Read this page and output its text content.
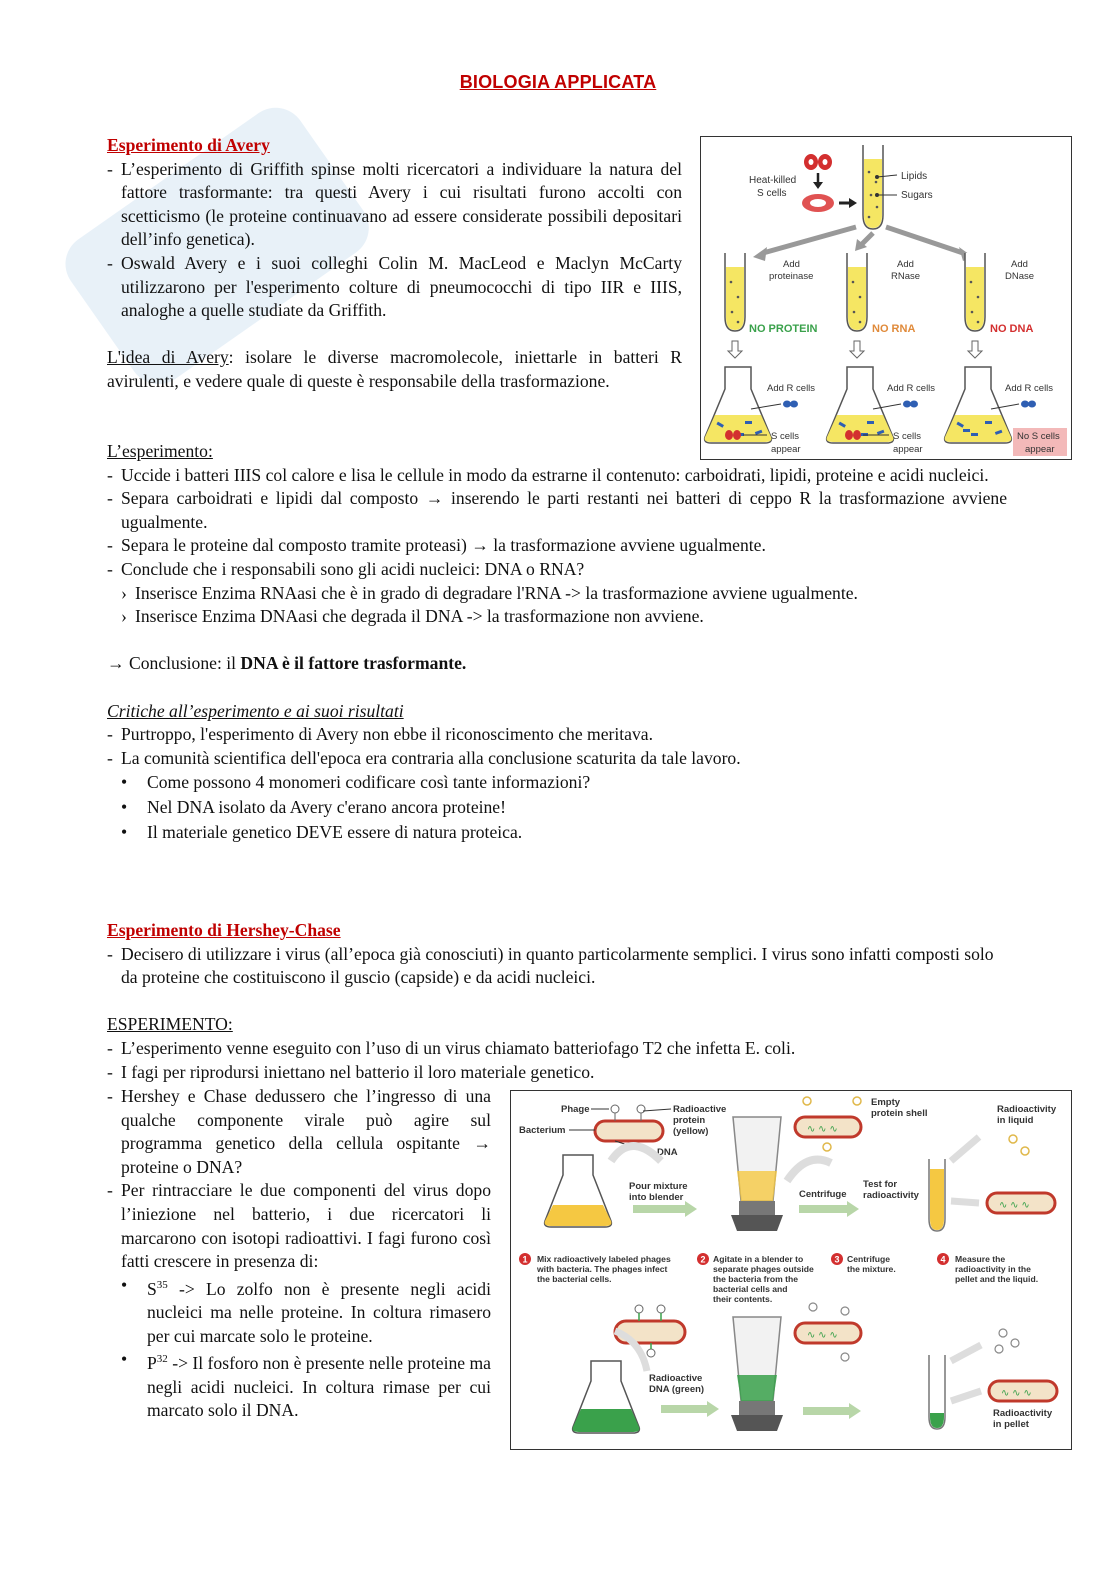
BIOLOGIA APPLICATA
Esperimento di Avery
- L’esperimento di Griffith spinse molti ricercatori a individuare la natura del fattore trasformante: tra questi Avery i cui risultati furono accolti con scetticismo (le proteine continuavano ad essere considerate possibili depositari dell’info genetica).
- Oswald Avery e i suoi colleghi Colin M. MacLeod e Maclyn McCarty utilizzarono per l'esperimento colture di pneumococchi di tipo IIR e IIIS, analoghe a quelle studiate da Griffith.
L'idea di Avery: isolare le diverse macromolecole, iniettarle in batteri R avirulenti, e vedere quale di queste è responsabile della trasformazione.
L’esperimento:
- Uccide i batteri IIIS col calore e lisa le cellule in modo da estrarne il contenuto: carboidrati, lipidi, proteine e acidi nucleici.
- Separa carboidrati e lipidi dal composto → inserendo le parti restanti nei batteri di ceppo R la trasformazione avviene ugualmente.
- Separa le proteine dal composto tramite proteasi) → la trasformazione avviene ugualmente.
- Conclude che i responsabili sono gli acidi nucleici: DNA o RNA?
› Inserisce Enzima RNAasi che è in grado di degradare l'RNA -> la trasformazione avviene ugualmente.
› Inserisce Enzima DNAasi che degrada il DNA -> la trasformazione non avviene.
→ Conclusione: il DNA è il fattore trasformante.
Critiche all’esperimento e ai suoi risultati
- Purtroppo, l'esperimento di Avery non ebbe il riconoscimento che meritava.
- La comunità scientifica dell'epoca era contraria alla conclusione scaturita da tale lavoro.
• Come possono 4 monomeri codificare così tante informazioni?
• Nel DNA isolato da Avery c'erano ancora proteine!
• Il materiale genetico DEVE essere di natura proteica.
Heat-killed
S cells
Lipids
Sugars
Add
proteinase
Add
RNase
Add
DNase
NO PROTEIN	NO RNA	NO DNA
Add R cells	Add R cells	Add R cells
S cells
appear
S cells
appear
No S cells
appear
Esperimento di Hershey-Chase
- Decisero di utilizzare i virus (all’epoca già conosciuti) in quanto particolarmente semplici. I virus sono infatti composti solo da proteine che costituiscono il guscio (capside) e da acidi nucleici.
ESPERIMENTO:
- L’esperimento venne eseguito con l’uso di un virus chiamato batteriofago T2 che infetta E. coli.
- I fagi per riprodursi iniettano nel batterio il loro materiale genetico.
- Hershey e Chase dedussero che l’ingresso di una qualche componente virale può agire sul programma genetico della cellula ospitante → proteine o DNA?
- Per rintracciare le due componenti del virus dopo l’iniezione nel batterio, i due ricercatori li marcarono con isotopi radioattivi. I fagi furono così fatti crescere in presenza di:
• $S^{35} -> Lo$ zolfo non è presente negli acidi nucleici ma nelle proteine. In coltura rimasero per cui marcate solo le proteine.
• $P^{32} -> Il$ fosforo non è presente nelle proteine ma negli acidi nucleici. In coltura rimase per cui marcato solo il DNA.
Phage
Bacterium
Radioactive
protein
(yellow)
DNA
Pour mixture
into blender
∿ ∿ ∿
Empty
protein shell
Centrifuge
Test for
radioactivity
Radioactivity
in liquid
∿ ∿ ∿
1 Mix radioactively labeled phages
with bacteria. The phages infect
the bacterial cells.
2 Agitate in a blender to
separate phages outside
the bacteria from the
bacterial cells and
their contents.
3 Centrifuge
the mixture.
4 Measure the
radioactivity in the
pellet and the liquid.
Radioactive
DNA (green)
∿ ∿ ∿
∿ ∿ ∿
Radioactivity
in pellet
